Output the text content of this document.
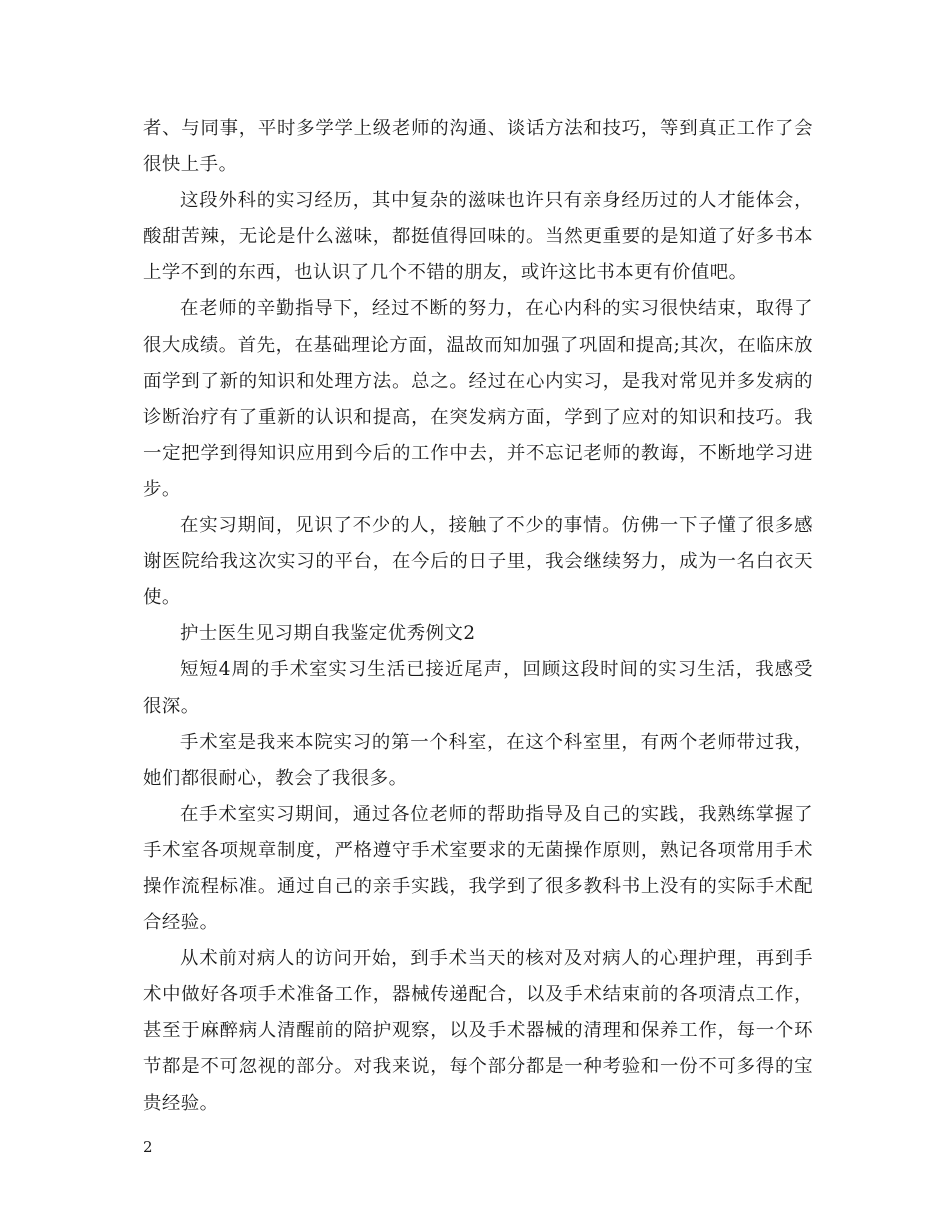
者、与同事，平时多学学上级老师的沟通、谈话方法和技巧，等到真正工作了会很快上手。

这段外科的实习经历，其中复杂的滋味也许只有亲身经历过的人才能体会，酸甜苦辣，无论是什么滋味，都挺值得回味的。当然更重要的是知道了好多书本上学不到的东西，也认识了几个不错的朋友，或许这比书本更有价值吧。

在老师的辛勤指导下，经过不断的努力，在心内科的实习很快结束，取得了很大成绩。首先，在基础理论方面，温故而知加强了巩固和提高;其次，在临床放面学到了新的知识和处理方法。总之。经过在心内实习，是我对常见并多发病的诊断治疗有了重新的认识和提高，在突发病方面，学到了应对的知识和技巧。我一定把学到得知识应用到今后的工作中去，并不忘记老师的教诲，不断地学习进步。

在实习期间，见识了不少的人，接触了不少的事情。仿佛一下子懂了很多感谢医院给我这次实习的平台，在今后的日子里，我会继续努力，成为一名白衣天使。

护士医生见习期自我鉴定优秀例文2

短短4周的手术室实习生活已接近尾声，回顾这段时间的实习生活，我感受很深。

手术室是我来本院实习的第一个科室，在这个科室里，有两个老师带过我，她们都很耐心，教会了我很多。

在手术室实习期间，通过各位老师的帮助指导及自己的实践，我熟练掌握了手术室各项规章制度，严格遵守手术室要求的无菌操作原则，熟记各项常用手术操作流程标准。通过自己的亲手实践，我学到了很多教科书上没有的实际手术配合经验。

从术前对病人的访问开始，到手术当天的核对及对病人的心理护理，再到手术中做好各项手术准备工作，器械传递配合，以及手术结束前的各项清点工作，甚至于麻醉病人清醒前的陪护观察，以及手术器械的清理和保养工作，每一个环节都是不可忽视的部分。对我来说，每个部分都是一种考验和一份不可多得的宝贵经验。

2
